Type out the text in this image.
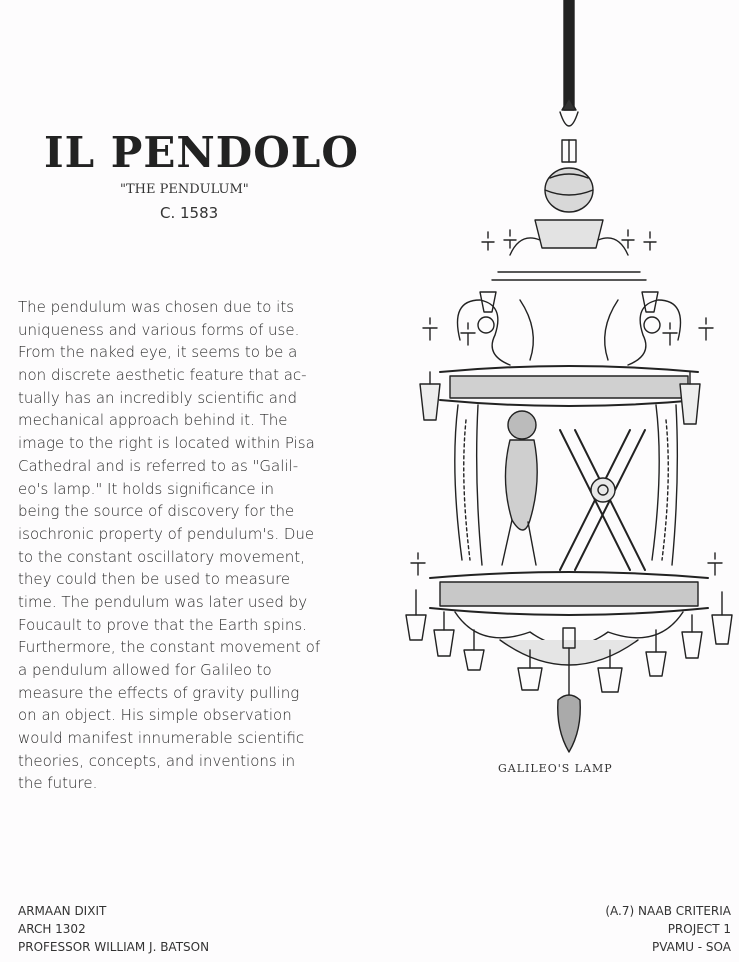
IL PENDOLO
"THE PENDULUM"
C. 1583
The pendulum was chosen due to its
uniqueness and various forms of use.
From the naked eye, it seems to be a
non discrete aesthetic feature that ac-
tually has an incredibly scientific and
mechanical approach behind it. The
image to the right is located within Pisa
Cathedral and is referred to as "Galil-
eo's lamp." It holds significance in
being the source of discovery for the
isochronic property of pendulum's. Due
to the constant oscillatory movement,
they could then be used to measure
time. The pendulum was later used by
Foucault to prove that the Earth spins.
Furthermore, the constant movement of
a pendulum allowed for Galileo to
measure the effects of gravity pulling
on an object. His simple observation
would manifest innumerable scientific
theories, concepts, and inventions in
the future.
GALILEO'S LAMP
ARMAAN DIXIT
ARCH 1302
PROFESSOR WILLIAM J. BATSON
(A.7) NAAB CRITERIA
PROJECT 1
PVAMU - SOA
